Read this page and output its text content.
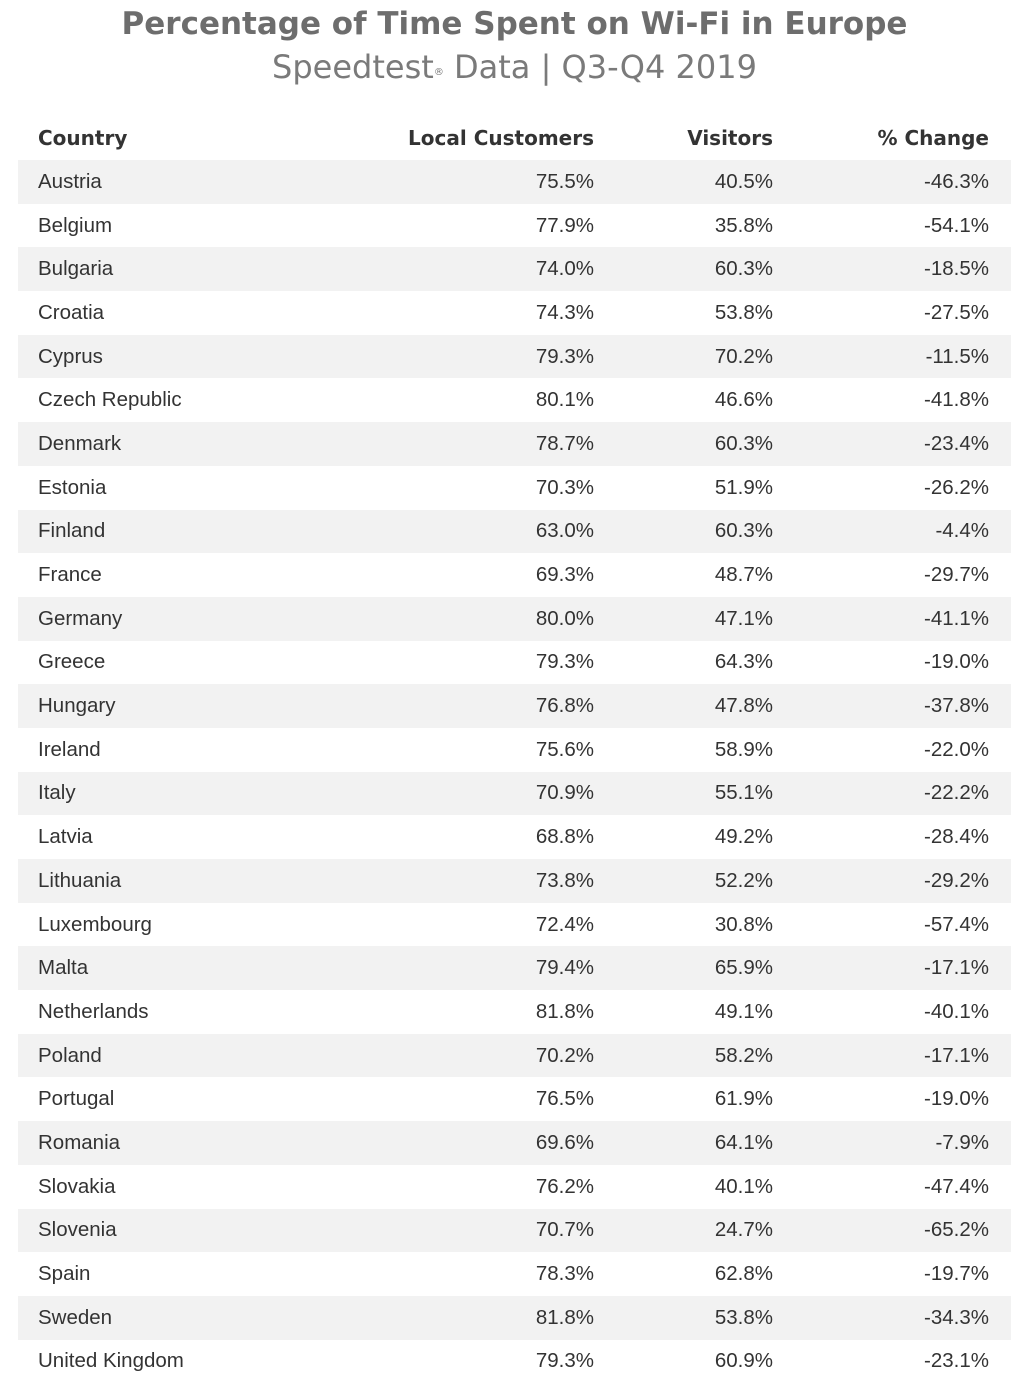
Percentage of Time Spent on Wi-Fi in Europe
Speedtest® Data | Q3-Q4 2019
Country	Local Customers	Visitors	% Change
Austria	75.5%	40.5%	-46.3%
Belgium	77.9%	35.8%	-54.1%
Bulgaria	74.0%	60.3%	-18.5%
Croatia	74.3%	53.8%	-27.5%
Cyprus	79.3%	70.2%	-11.5%
Czech Republic	80.1%	46.6%	-41.8%
Denmark	78.7%	60.3%	-23.4%
Estonia	70.3%	51.9%	-26.2%
Finland	63.0%	60.3%	-4.4%
France	69.3%	48.7%	-29.7%
Germany	80.0%	47.1%	-41.1%
Greece	79.3%	64.3%	-19.0%
Hungary	76.8%	47.8%	-37.8%
Ireland	75.6%	58.9%	-22.0%
Italy	70.9%	55.1%	-22.2%
Latvia	68.8%	49.2%	-28.4%
Lithuania	73.8%	52.2%	-29.2%
Luxembourg	72.4%	30.8%	-57.4%
Malta	79.4%	65.9%	-17.1%
Netherlands	81.8%	49.1%	-40.1%
Poland	70.2%	58.2%	-17.1%
Portugal	76.5%	61.9%	-19.0%
Romania	69.6%	64.1%	-7.9%
Slovakia	76.2%	40.1%	-47.4%
Slovenia	70.7%	24.7%	-65.2%
Spain	78.3%	62.8%	-19.7%
Sweden	81.8%	53.8%	-34.3%
United Kingdom	79.3%	60.9%	-23.1%
